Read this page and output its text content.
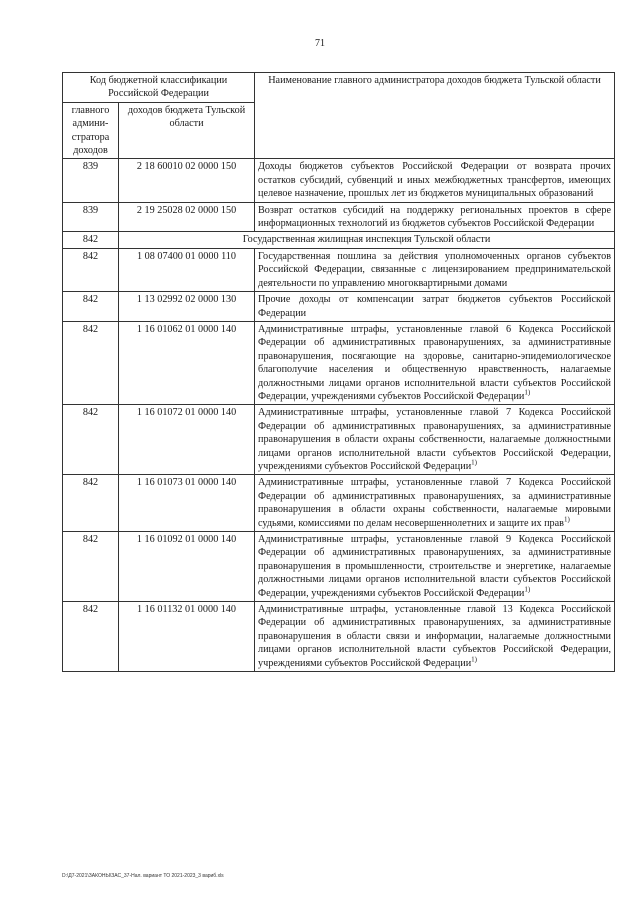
71
Код бюджетной классификации Российской Федерации		Наименование главного администратора доходов бюджета Тульской области
главного админи-стратора доходов	доходов бюджета Тульской области	
839	2 18 60010 02 0000 150	Доходы бюджетов субъектов Российской Федерации от возврата прочих остатков субсидий, субвенций и иных межбюджетных трансфертов, имеющих целевое назначение, прошлых лет из бюджетов муниципальных образований
839	2 19 25028 02 0000 150	Возврат остатков субсидий на поддержку региональных проектов в сфере информационных технологий из бюджетов субъектов Российской Федерации
842	Государственная жилищная инспекция Тульской области	
842	1 08 07400 01 0000 110	Государственная пошлина за действия уполномоченных органов субъектов Российской Федерации, связанные с лицензированием предпринимательской деятельности по управлению многоквартирными домами
842	1 13 02992 02 0000 130	Прочие доходы от компенсации затрат бюджетов субъектов Российской Федерации
842	1 16 01062 01 0000 140	Административные штрафы, установленные главой 6 Кодекса Российской Федерации об административных правонарушениях, за административные правонарушения, посягающие на здоровье, санитарно-эпидемиологическое благополучие населения и общественную нравственность, налагаемые должностными лицами органов исполнительной власти субъектов Российской Федерации, учреждениями субъектов Российской Федерации$^{1)}$
842	1 16 01072 01 0000 140	Административные штрафы, установленные главой 7 Кодекса Российской Федерации об административных правонарушениях, за административные правонарушения в области охраны собственности, налагаемые должностными лицами органов исполнительной власти субъектов Российской Федерации, учреждениями субъектов Российской Федерации$^{1)}$
842	1 16 01073 01 0000 140	Административные штрафы, установленные главой 7 Кодекса Российской Федерации об административных правонарушениях, за административные правонарушения в области охраны собственности, налагаемые мировыми судьями, комиссиями по делам несовершеннолетних и защите их прав$^{1)}$
842	1 16 01092 01 0000 140	Административные штрафы, установленные главой 9 Кодекса Российской Федерации об административных правонарушениях, за административные правонарушения в промышленности, строительстве и энергетике, налагаемые должностными лицами органов исполнительной власти субъектов Российской Федерации, учреждениями субъектов Российской Федерации$^{1)}$
842	1 16 01132 01 0000 140	Административные штрафы, установленные главой 13 Кодекса Российской Федерации об административных правонарушениях, за административные правонарушения в области связи и информации, налагаемые должностными лицами органов исполнительной власти субъектов Российской Федерации, учреждениями субъектов Российской Федерации$^{1)}$
D:\Д7-2021\ЗАКОНЫ\ЗАС_37-Нал. вариант ТО 2021-2023_3 вариб.xls
